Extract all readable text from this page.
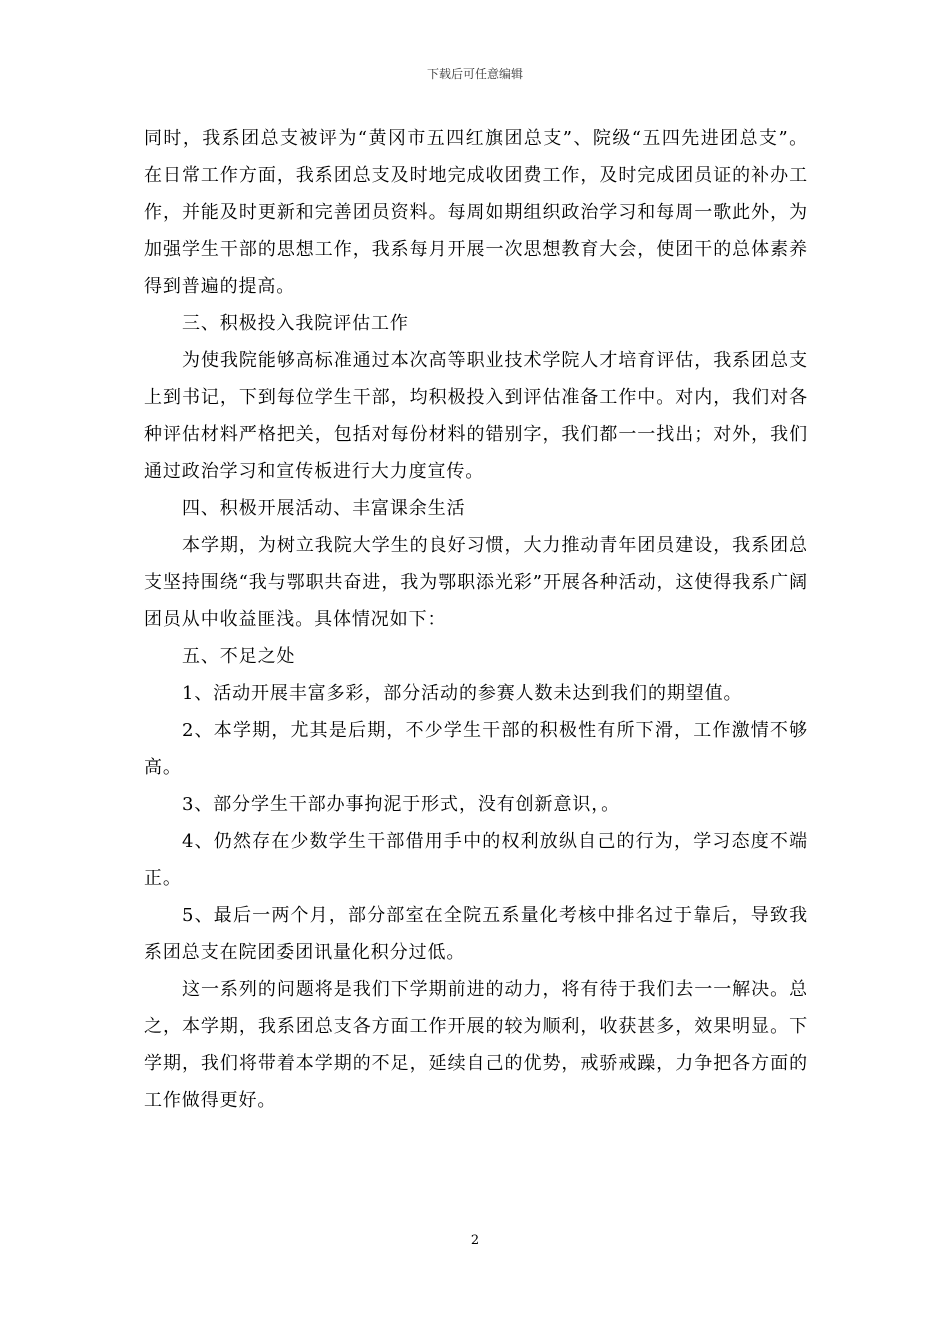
下载后可任意编辑

同时，我系团总支被评为“黄冈市五四红旗团总支”、院级“五四先进团总支”。在日常工作方面，我系团总支及时地完成收团费工作，及时完成团员证的补办工作，并能及时更新和完善团员资料。每周如期组织政治学习和每周一歌此外，为加强学生干部的思想工作，我系每月开展一次思想教育大会，使团干的总体素养得到普遍的提高。

三、积极投入我院评估工作

为使我院能够高标准通过本次高等职业技术学院人才培育评估，我系团总支上到书记，下到每位学生干部，均积极投入到评估准备工作中。对内，我们对各种评估材料严格把关，包括对每份材料的错别字，我们都一一找出；对外，我们通过政治学习和宣传板进行大力度宣传。

四、积极开展活动、丰富课余生活

本学期，为树立我院大学生的良好习惯，大力推动青年团员建设，我系团总支坚持围绕“我与鄂职共奋进，我为鄂职添光彩”开展各种活动，这使得我系广阔团员从中收益匪浅。具体情况如下：

五、不足之处

1、活动开展丰富多彩，部分活动的参赛人数未达到我们的期望值。

2、本学期，尤其是后期，不少学生干部的积极性有所下滑，工作激情不够高。

3、部分学生干部办事拘泥于形式，没有创新意识，。

4、仍然存在少数学生干部借用手中的权利放纵自己的行为，学习态度不端正。

5、最后一两个月，部分部室在全院五系量化考核中排名过于靠后，导致我系团总支在院团委团讯量化积分过低。

这一系列的问题将是我们下学期前进的动力，将有待于我们去一一解决。总之，本学期，我系团总支各方面工作开展的较为顺利，收获甚多，效果明显。下学期，我们将带着本学期的不足，延续自己的优势，戒骄戒躁，力争把各方面的工作做得更好。

2
